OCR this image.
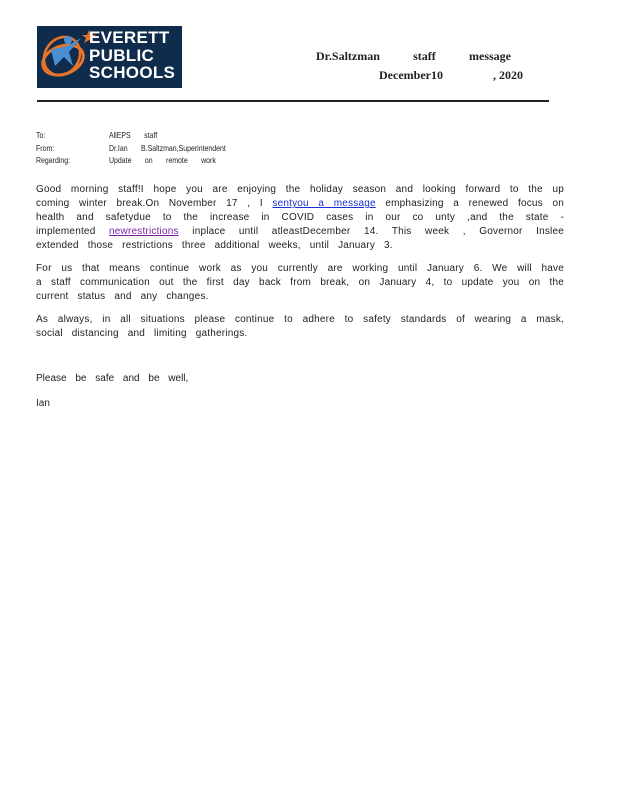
EVERETT
PUBLIC
SCHOOLS
Dr.Saltzman	staff	message
December10	, 2020
To:	AllEPS staff
From:	Dr.Ian B.Saltzman,Superintendent
Regarding:	Update on remote work

Good morning staff!I hope you are enjoying the holiday season and looking forward to the up coming winter break.On November 17 , I sentyou a message emphasizing a renewed focus on health and safetydue to the increase in COVID cases in our co unty ,and the state -implemented newrestrictions inplace until atleastDecember 14. This week , Governor Inslee extended those restrictions three additional weeks, until January 3.

For us that means continue work as you currently are working until January 6. We will have a staff communication out the first day back from break, on January 4, to update you on the current status and any changes.

As always, in all situations please continue to adhere to safety standards of wearing a mask, social distancing and limiting gatherings.

Please be safe and be well,
Ian
